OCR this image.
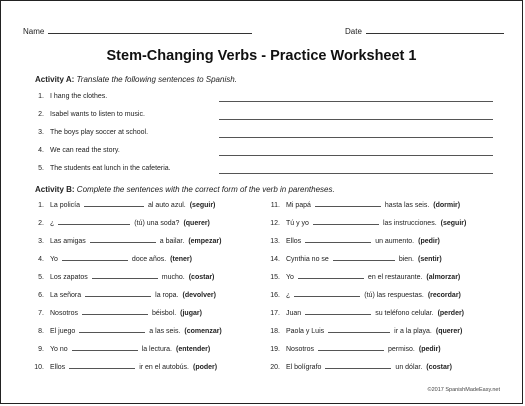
Name	Date
Stem-Changing Verbs - Practice Worksheet 1
Activity A: Translate the following sentences to Spanish.
1. I hang the clothes.
2. Isabel wants to listen to music.
3. The boys play soccer at school.
4. We can read the story.
5. The students eat lunch in the cafeteria.
Activity B: Complete the sentences with the correct form of the verb in parentheses.
1. La policía	al auto azul. (seguir)
2. ¿	(tú) una soda? (querer)
3. Las amigas	a bailar. (empezar)
4. Yo	doce años. (tener)
5. Los zapatos	mucho. (costar)
6. La señora	la ropa. (devolver)
7. Nosotros	béisbol. (jugar)
8. El juego	a las seis. (comenzar)
9. Yo no	la lectura. (entender)
10. Ellos	ir en el autobús. (poder)
11. Mi papá	hasta las seis. (dormir)
12. Tú y yo	las instrucciones. (seguir)
13. Ellos	un aumento. (pedir)
14. Cynthia no se	bien. (sentir)
15. Yo	en el restaurante. (almorzar)
16. ¿	(tú) las respuestas. (recordar)
17. Juan	su teléfono celular. (perder)
18. Paola y Luis	ir a la playa. (querer)
19. Nosotros	permiso. (pedir)
20. El bolígrafo	un dólar. (costar)
©2017 SpanishMadeEasy.net
